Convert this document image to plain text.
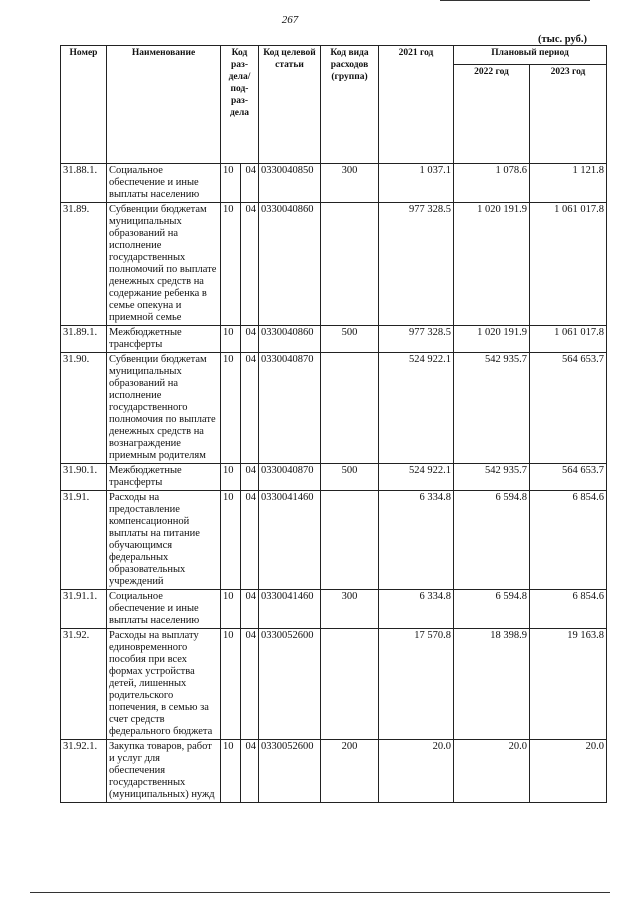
267
(тыс. руб.)
Номер	Наименование	Код раз-дела/ под-раз-дела		Код целевой статьи	Код вида расходов (группа)	2021 год	Плановый период	
							2022 год	2023 год
31.88.1.	Социальное обеспечение и иные выплаты населению	10	04	0330040850	300	1 037.1	1 078.6	1 121.8
31.89.	Субвенции бюджетам муниципальных образований на исполнение государственных полномочий по выплате денежных средств на содержание ребенка в семье опекуна и приемной семье	10	04	0330040860		977 328.5	1 020 191.9	1 061 017.8
31.89.1.	Межбюджетные трансферты	10	04	0330040860	500	977 328.5	1 020 191.9	1 061 017.8
31.90.	Субвенции бюджетам муниципальных образований на исполнение государственного полномочия по выплате денежных средств на вознаграждение приемным родителям	10	04	0330040870		524 922.1	542 935.7	564 653.7
31.90.1.	Межбюджетные трансферты	10	04	0330040870	500	524 922.1	542 935.7	564 653.7
31.91.	Расходы на предоставление компенсационной выплаты на питание обучающимся федеральных образовательных учреждений	10	04	0330041460		6 334.8	6 594.8	6 854.6
31.91.1.	Социальное обеспечение и иные выплаты населению	10	04	0330041460	300	6 334.8	6 594.8	6 854.6
31.92.	Расходы на выплату единовременного пособия при всех формах устройства детей, лишенных родительского попечения, в семью за счет средств федерального бюджета	10	04	0330052600		17 570.8	18 398.9	19 163.8
31.92.1.	Закупка товаров, работ и услуг для обеспечения государственных (муниципальных) нужд	10	04	0330052600	200	20.0	20.0	20.0
